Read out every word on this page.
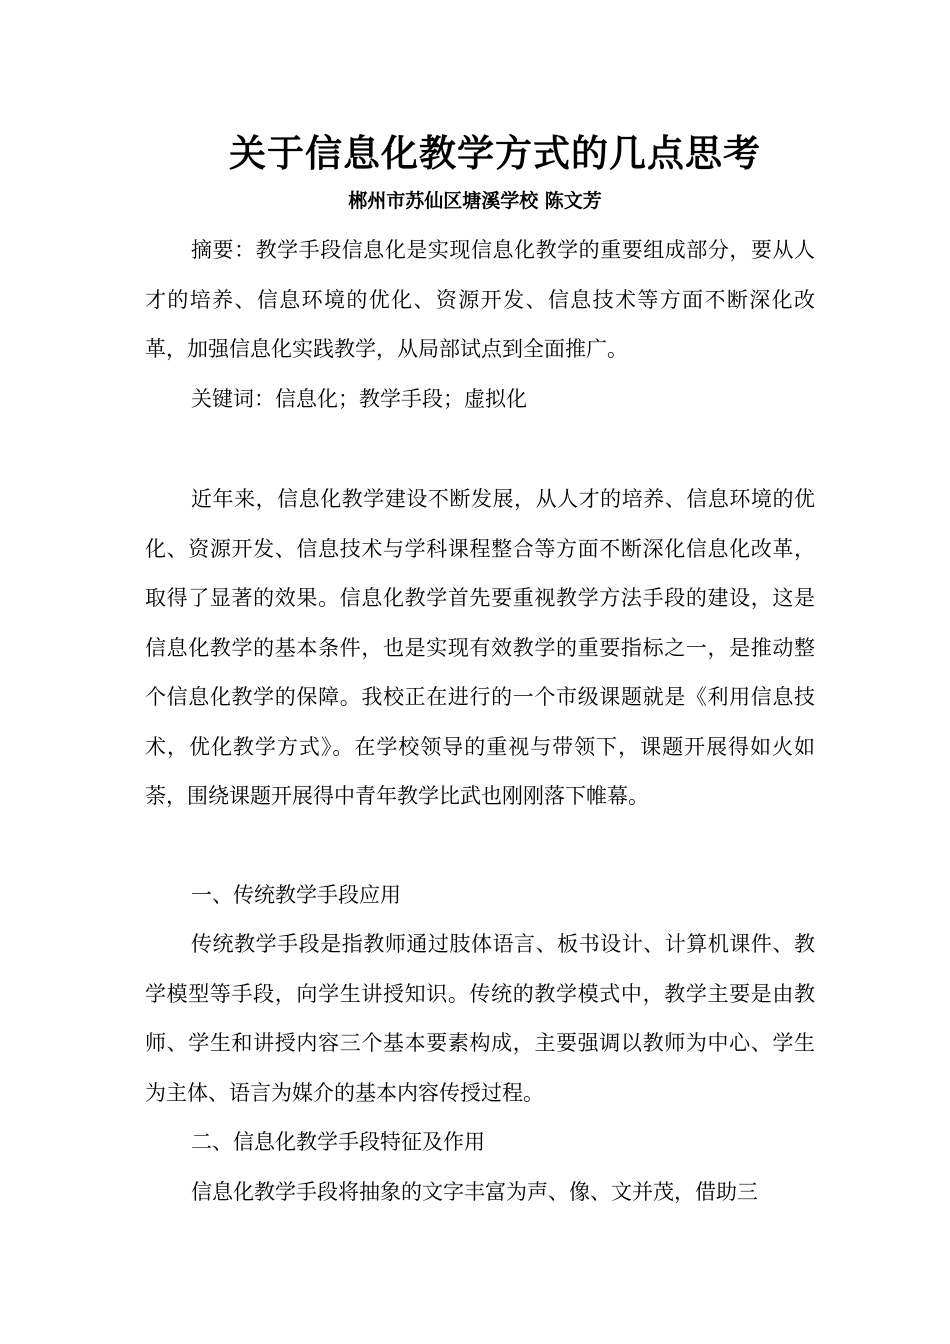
关于信息化教学方式的几点思考
郴州市苏仙区塘溪学校 陈文芳

摘要：教学手段信息化是实现信息化教学的重要组成部分，要从人才的培养、信息环境的优化、资源开发、信息技术等方面不断深化改革，加强信息化实践教学，从局部试点到全面推广。

关键词：信息化；教学手段；虚拟化

近年来，信息化教学建设不断发展，从人才的培养、信息环境的优化、资源开发、信息技术与学科课程整合等方面不断深化信息化改革，取得了显著的效果。信息化教学首先要重视教学方法手段的建设，这是信息化教学的基本条件，也是实现有效教学的重要指标之一，是推动整个信息化教学的保障。我校正在进行的一个市级课题就是《利用信息技术，优化教学方式》。在学校领导的重视与带领下，课题开展得如火如荼，围绕课题开展得中青年教学比武也刚刚落下帷幕。

一、传统教学手段应用

传统教学手段是指教师通过肢体语言、板书设计、计算机课件、教学模型等手段，向学生讲授知识。传统的教学模式中，教学主要是由教师、学生和讲授内容三个基本要素构成，主要强调以教师为中心、学生为主体、语言为媒介的基本内容传授过程。

二、信息化教学手段特征及作用

信息化教学手段将抽象的文字丰富为声、像、文并茂，借助三
